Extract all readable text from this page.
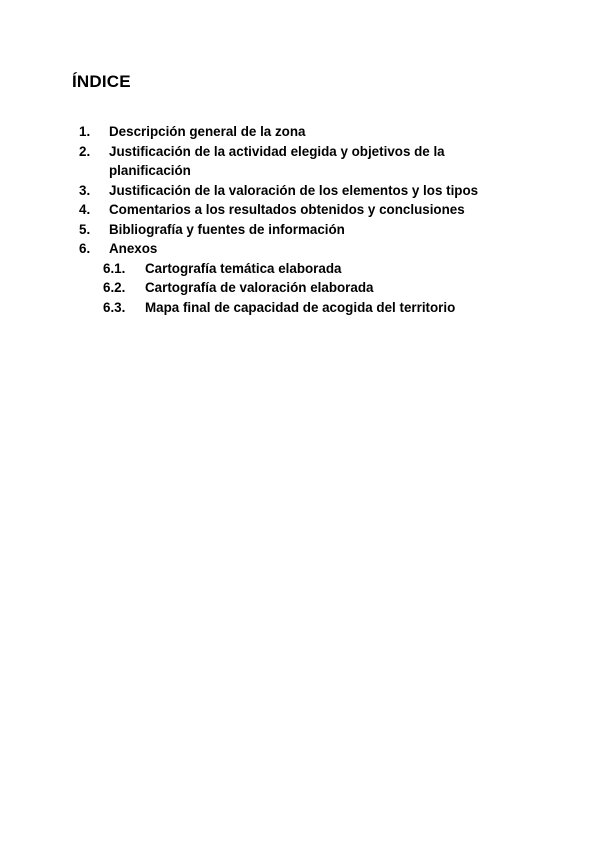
ÍNDICE
1. Descripción general de la zona
2. Justificación de la actividad elegida y objetivos de la planificación
3. Justificación de la valoración de los elementos y los tipos
4. Comentarios a los resultados obtenidos y conclusiones
5. Bibliografía y fuentes de información
6. Anexos
6.1. Cartografía temática elaborada
6.2. Cartografía de valoración elaborada
6.3. Mapa final de capacidad de acogida del territorio
